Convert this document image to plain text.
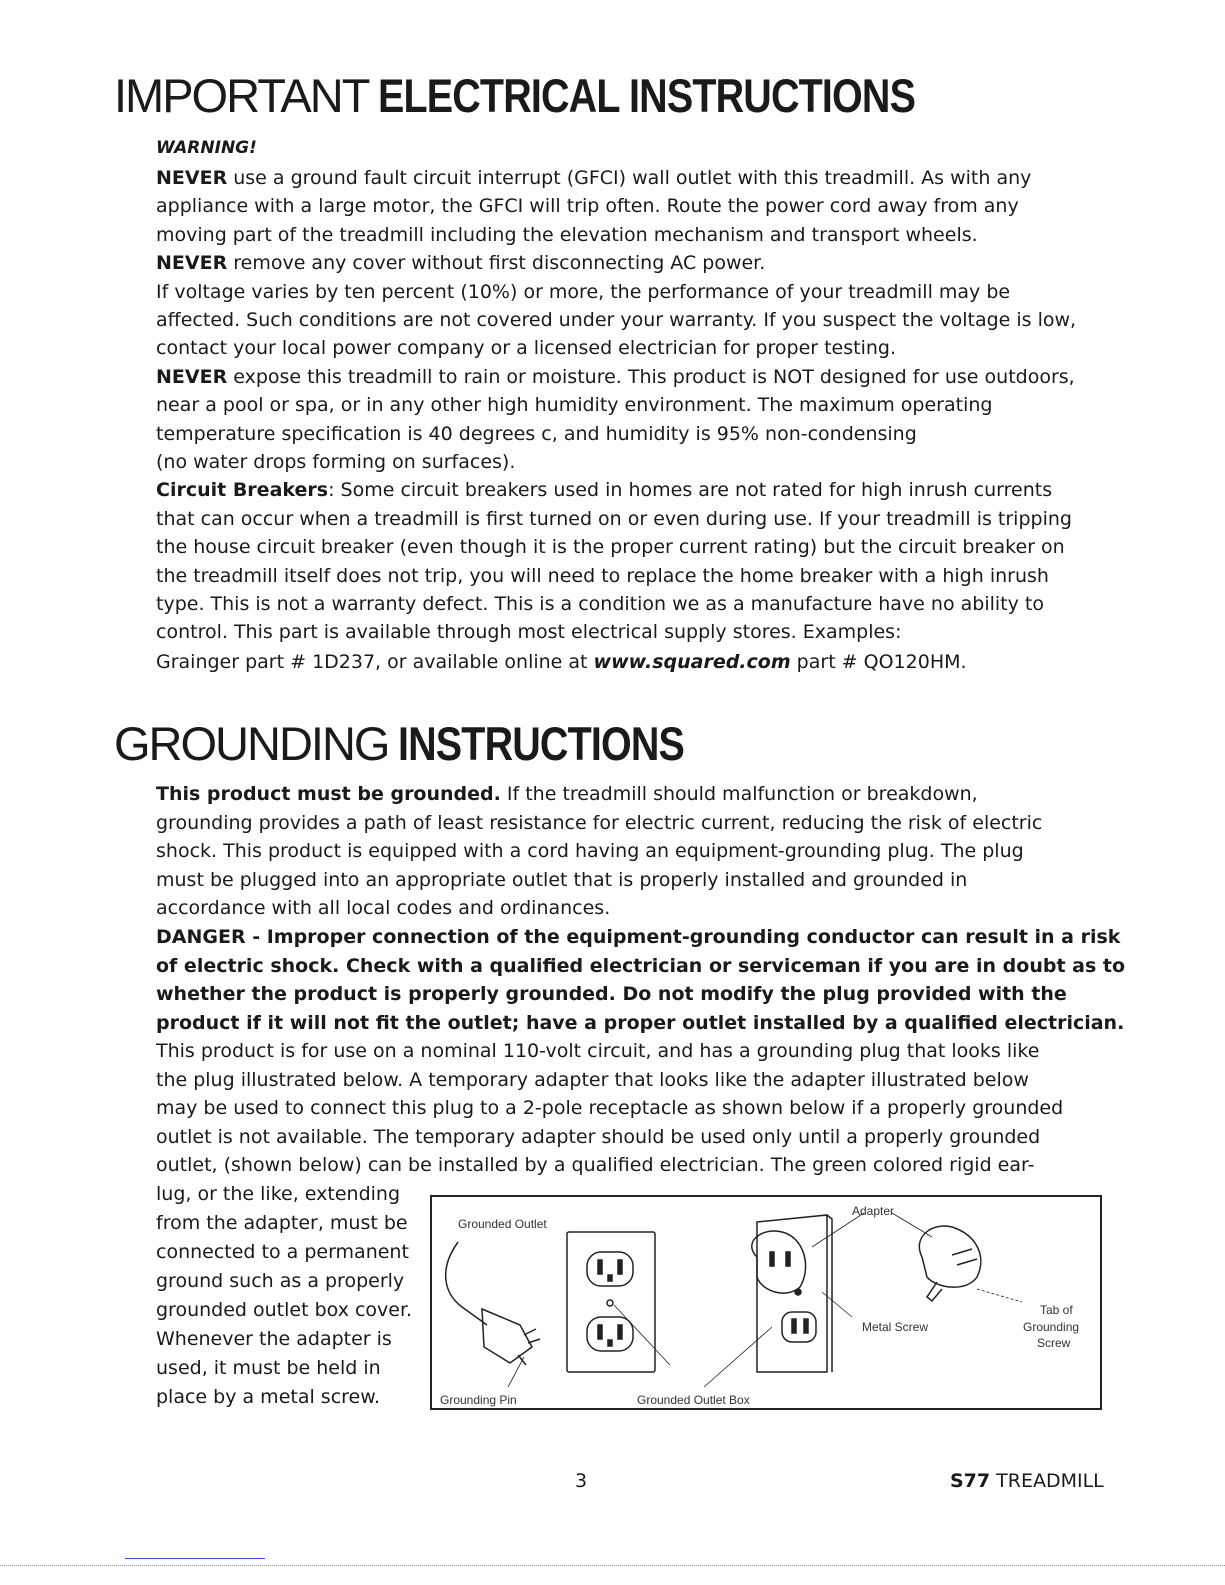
IMPORTANT ELECTRICAL INSTRUCTIONS

WARNING!

NEVER use a ground fault circuit interrupt (GFCI) wall outlet with this treadmill. As with any

appliance with a large motor, the GFCI will trip often. Route the power cord away from any

moving part of the treadmill including the elevation mechanism and transport wheels.

NEVER remove any cover without first disconnecting AC power.

If voltage varies by ten percent (10%) or more, the performance of your treadmill may be

affected. Such conditions are not covered under your warranty. If you suspect the voltage is low,

contact your local power company or a licensed electrician for proper testing.

NEVER expose this treadmill to rain or moisture. This product is NOT designed for use outdoors,

near a pool or spa, or in any other high humidity environment. The maximum operating

temperature specification is 40 degrees c, and humidity is 95% non-condensing

(no water drops forming on surfaces).

Circuit Breakers: Some circuit breakers used in homes are not rated for high inrush currents

that can occur when a treadmill is first turned on or even during use. If your treadmill is tripping

the house circuit breaker (even though it is the proper current rating) but the circuit breaker on

the treadmill itself does not trip, you will need to replace the home breaker with a high inrush

type. This is not a warranty defect. This is a condition we as a manufacture have no ability to

control. This part is available through most electrical supply stores. Examples:

Grainger part # 1D237, or available online at www.squared.com part # QO120HM.

GROUNDING INSTRUCTIONS

This product must be grounded. If the treadmill should malfunction or breakdown,

grounding provides a path of least resistance for electric current, reducing the risk of electric

shock. This product is equipped with a cord having an equipment-grounding plug. The plug

must be plugged into an appropriate outlet that is properly installed and grounded in

accordance with all local codes and ordinances.

DANGER - Improper connection of the equipment-grounding conductor can result in a risk

of electric shock. Check with a qualified electrician or serviceman if you are in doubt as to

whether the product is properly grounded. Do not modify the plug provided with the

product if it will not fit the outlet; have a proper outlet installed by a qualified electrician.

This product is for use on a nominal 110-volt circuit, and has a grounding plug that looks like

the plug illustrated below. A temporary adapter that looks like the adapter illustrated below

may be used to connect this plug to a 2-pole receptacle as shown below if a properly grounded

outlet is not available. The temporary adapter should be used only until a properly grounded

outlet, (shown below) can be installed by a qualified electrician. The green colored rigid ear-

lug, or the like, extending
from the adapter, must be
connected to a permanent
ground such as a properly
grounded outlet box cover.
Whenever the adapter is
used, it must be held in
place by a metal screw.
Grounded Outlet
Adapter
Metal Screw
Tab of
Grounding
Screw
Grounding Pin	Grounded Outlet Box

3	S77 TREADMILL
